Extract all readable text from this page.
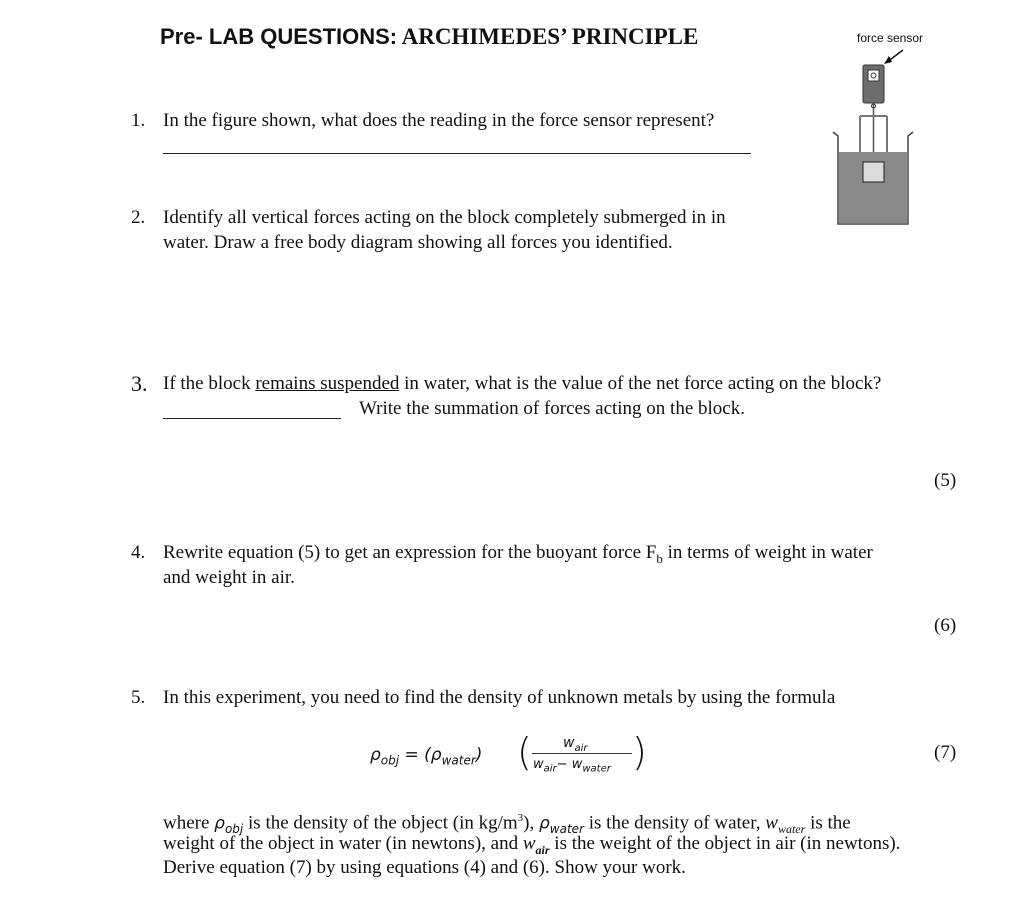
Pre- LAB QUESTIONS: ARCHIMEDES’ PRINCIPLE	force sensor
1. In the figure shown, what does the reading in the force sensor represent?
2. Identify all vertical forces acting on the block completely submerged in in
water. Draw a free body diagram showing all forces you identified.
3. If the block remains suspended in water, what is the value of the net force acting on the block?
Write the summation of forces acting on the block.
(5)
4. Rewrite equation (5) to get an expression for the buoyant force $F_b$ in terms of weight in water
and weight in air.
(6)
5. In this experiment, you need to find the density of unknown metals by using the formula
$\rho_{obj} = (\rho_{water})$ ( $w_{air}$
$w_{air}- w_{water}$ )	(7)
where $\rho_{obj}$ is the density of the object (in $kg/m^3$), $\rho_{water}$ is the density of water, $w_{water}$ is the
weight of the object in water (in newtons), and $w_{air}$ is the weight of the object in air (in newtons).
Derive equation (7) by using equations (4) and (6). Show your work.
